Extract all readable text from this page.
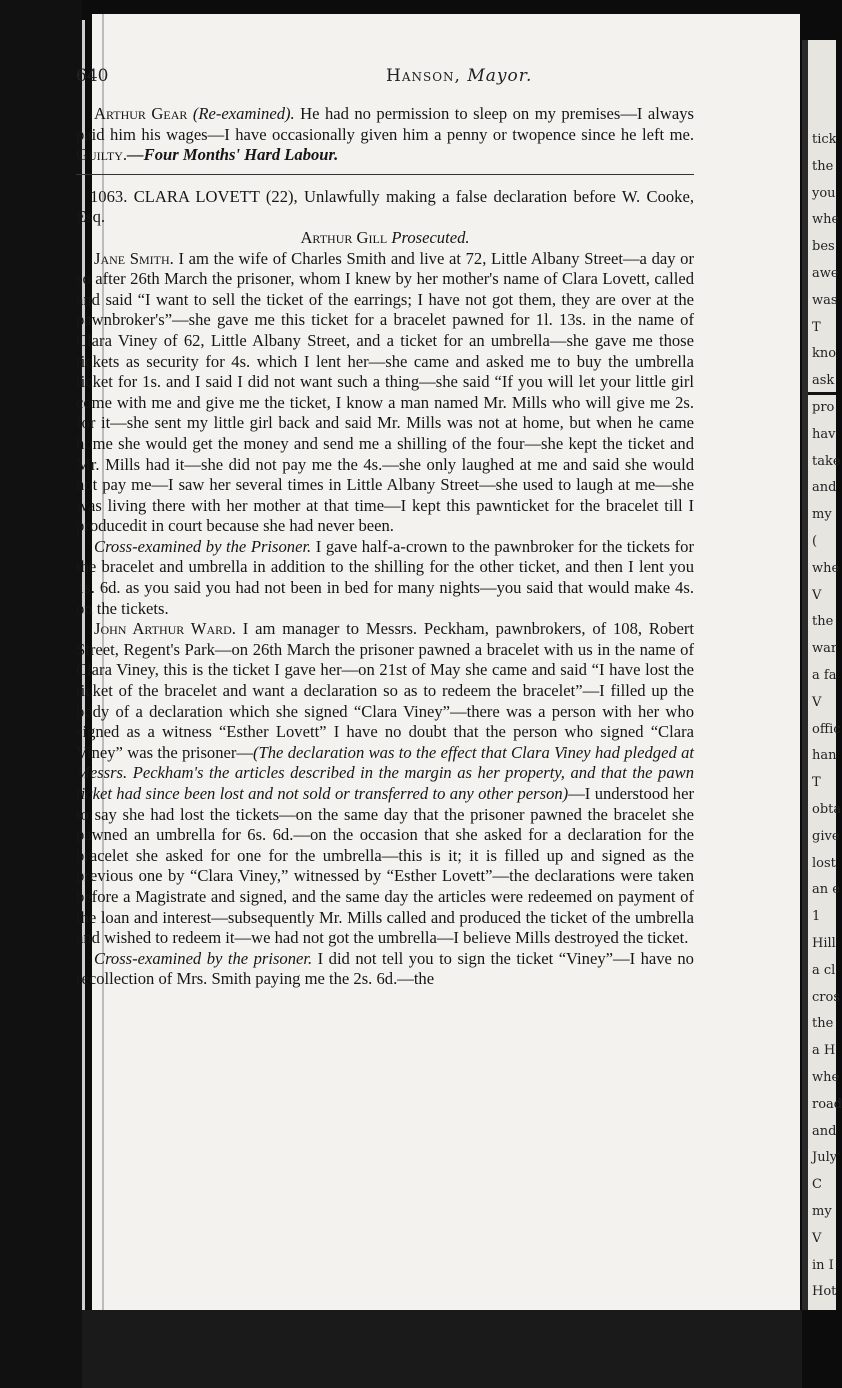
640	Hanson, Mayor.

Arthur Gear (Re-examined). He had no permission to sleep on my premises—I always paid him his wages—I have occasionally given him a penny or twopence since he left me. Guilty.—Four Months' Hard Labour.

1063. CLARA LOVETT (22), Unlawfully making a false declaration before W. Cooke, Esq.

Arthur Gill Prosecuted.

Jane Smith. I am the wife of Charles Smith and live at 72, Little Albany Street—a day or so after 26th March the prisoner, whom I knew by her mother's name of Clara Lovett, called and said “I want to sell the ticket of the earrings; I have not got them, they are over at the pawnbroker's”—she gave me this ticket for a bracelet pawned for 1l. 13s. in the name of Clara Viney of 62, Little Albany Street, and a ticket for an umbrella—she gave me those tickets as security for 4s. which I lent her—she came and asked me to buy the umbrella ticket for 1s. and I said I did not want such a thing—she said “If you will let your little girl come with me and give me the ticket, I know a man named Mr. Mills who will give me 2s. for it—she sent my little girl back and said Mr. Mills was not at home, but when he came home she would get the money and send me a shilling of the four—she kept the ticket and Mr. Mills had it—she did not pay me the 4s.—she only laughed at me and said she would not pay me—I saw her several times in Little Albany Street—she used to laugh at me—she was living there with her mother at that time—I kept this pawnticket for the bracelet till I producedit in court because she had never been.

Cross-examined by the Prisoner. I gave half-a-crown to the pawnbroker for the tickets for the bracelet and umbrella in addition to the shilling for the other ticket, and then I lent you 1s. 6d. as you said you had not been in bed for many nights—you said that would make 4s. on the tickets.

John Arthur Ward. I am manager to Messrs. Peckham, pawnbrokers, of 108, Robert Street, Regent's Park—on 26th March the prisoner pawned a bracelet with us in the name of Clara Viney, this is the ticket I gave her—on 21st of May she came and said “I have lost the ticket of the bracelet and want a declaration so as to redeem the bracelet”—I filled up the body of a declaration which she signed “Clara Viney”—there was a person with her who signed as a witness “Esther Lovett” I have no doubt that the person who signed “Clara Viney” was the prisoner—(The declaration was to the effect that Clara Viney had pledged at Messrs. Peckham's the articles described in the margin as her property, and that the pawn ticket had since been lost and not sold or transferred to any other person)—I understood her to say she had lost the tickets—on the same day that the prisoner pawned the bracelet she pawned an umbrella for 6s. 6d.—on the occasion that she asked for a declaration for the bracelet she asked for one for the umbrella—this is it; it is filled up and signed as the previous one by “Clara Viney,” witnessed by “Esther Lovett”—the declarations were taken before a Magistrate and signed, and the same day the articles were redeemed on payment of the loan and interest—subsequently Mr. Mills called and produced the ticket of the umbrella and wished to redeem it—we had not got the umbrella—I believe Mills destroyed the ticket.

Cross-examined by the prisoner. I did not tell you to sign the ticket “Viney”—I have no recollection of Mrs. Smith paying me the 2s. 6d.—the

tick
the
you
whe
bes
awe
was
T
kno
ask
pro
hav
take
and
my
(
whe
V
the
war
a fa
V
offic
han
T
obta
give
lost
an e
1
Hill
a cl
cros
the
a H
whe
road
and
July
C
my
V
in I
Hot
